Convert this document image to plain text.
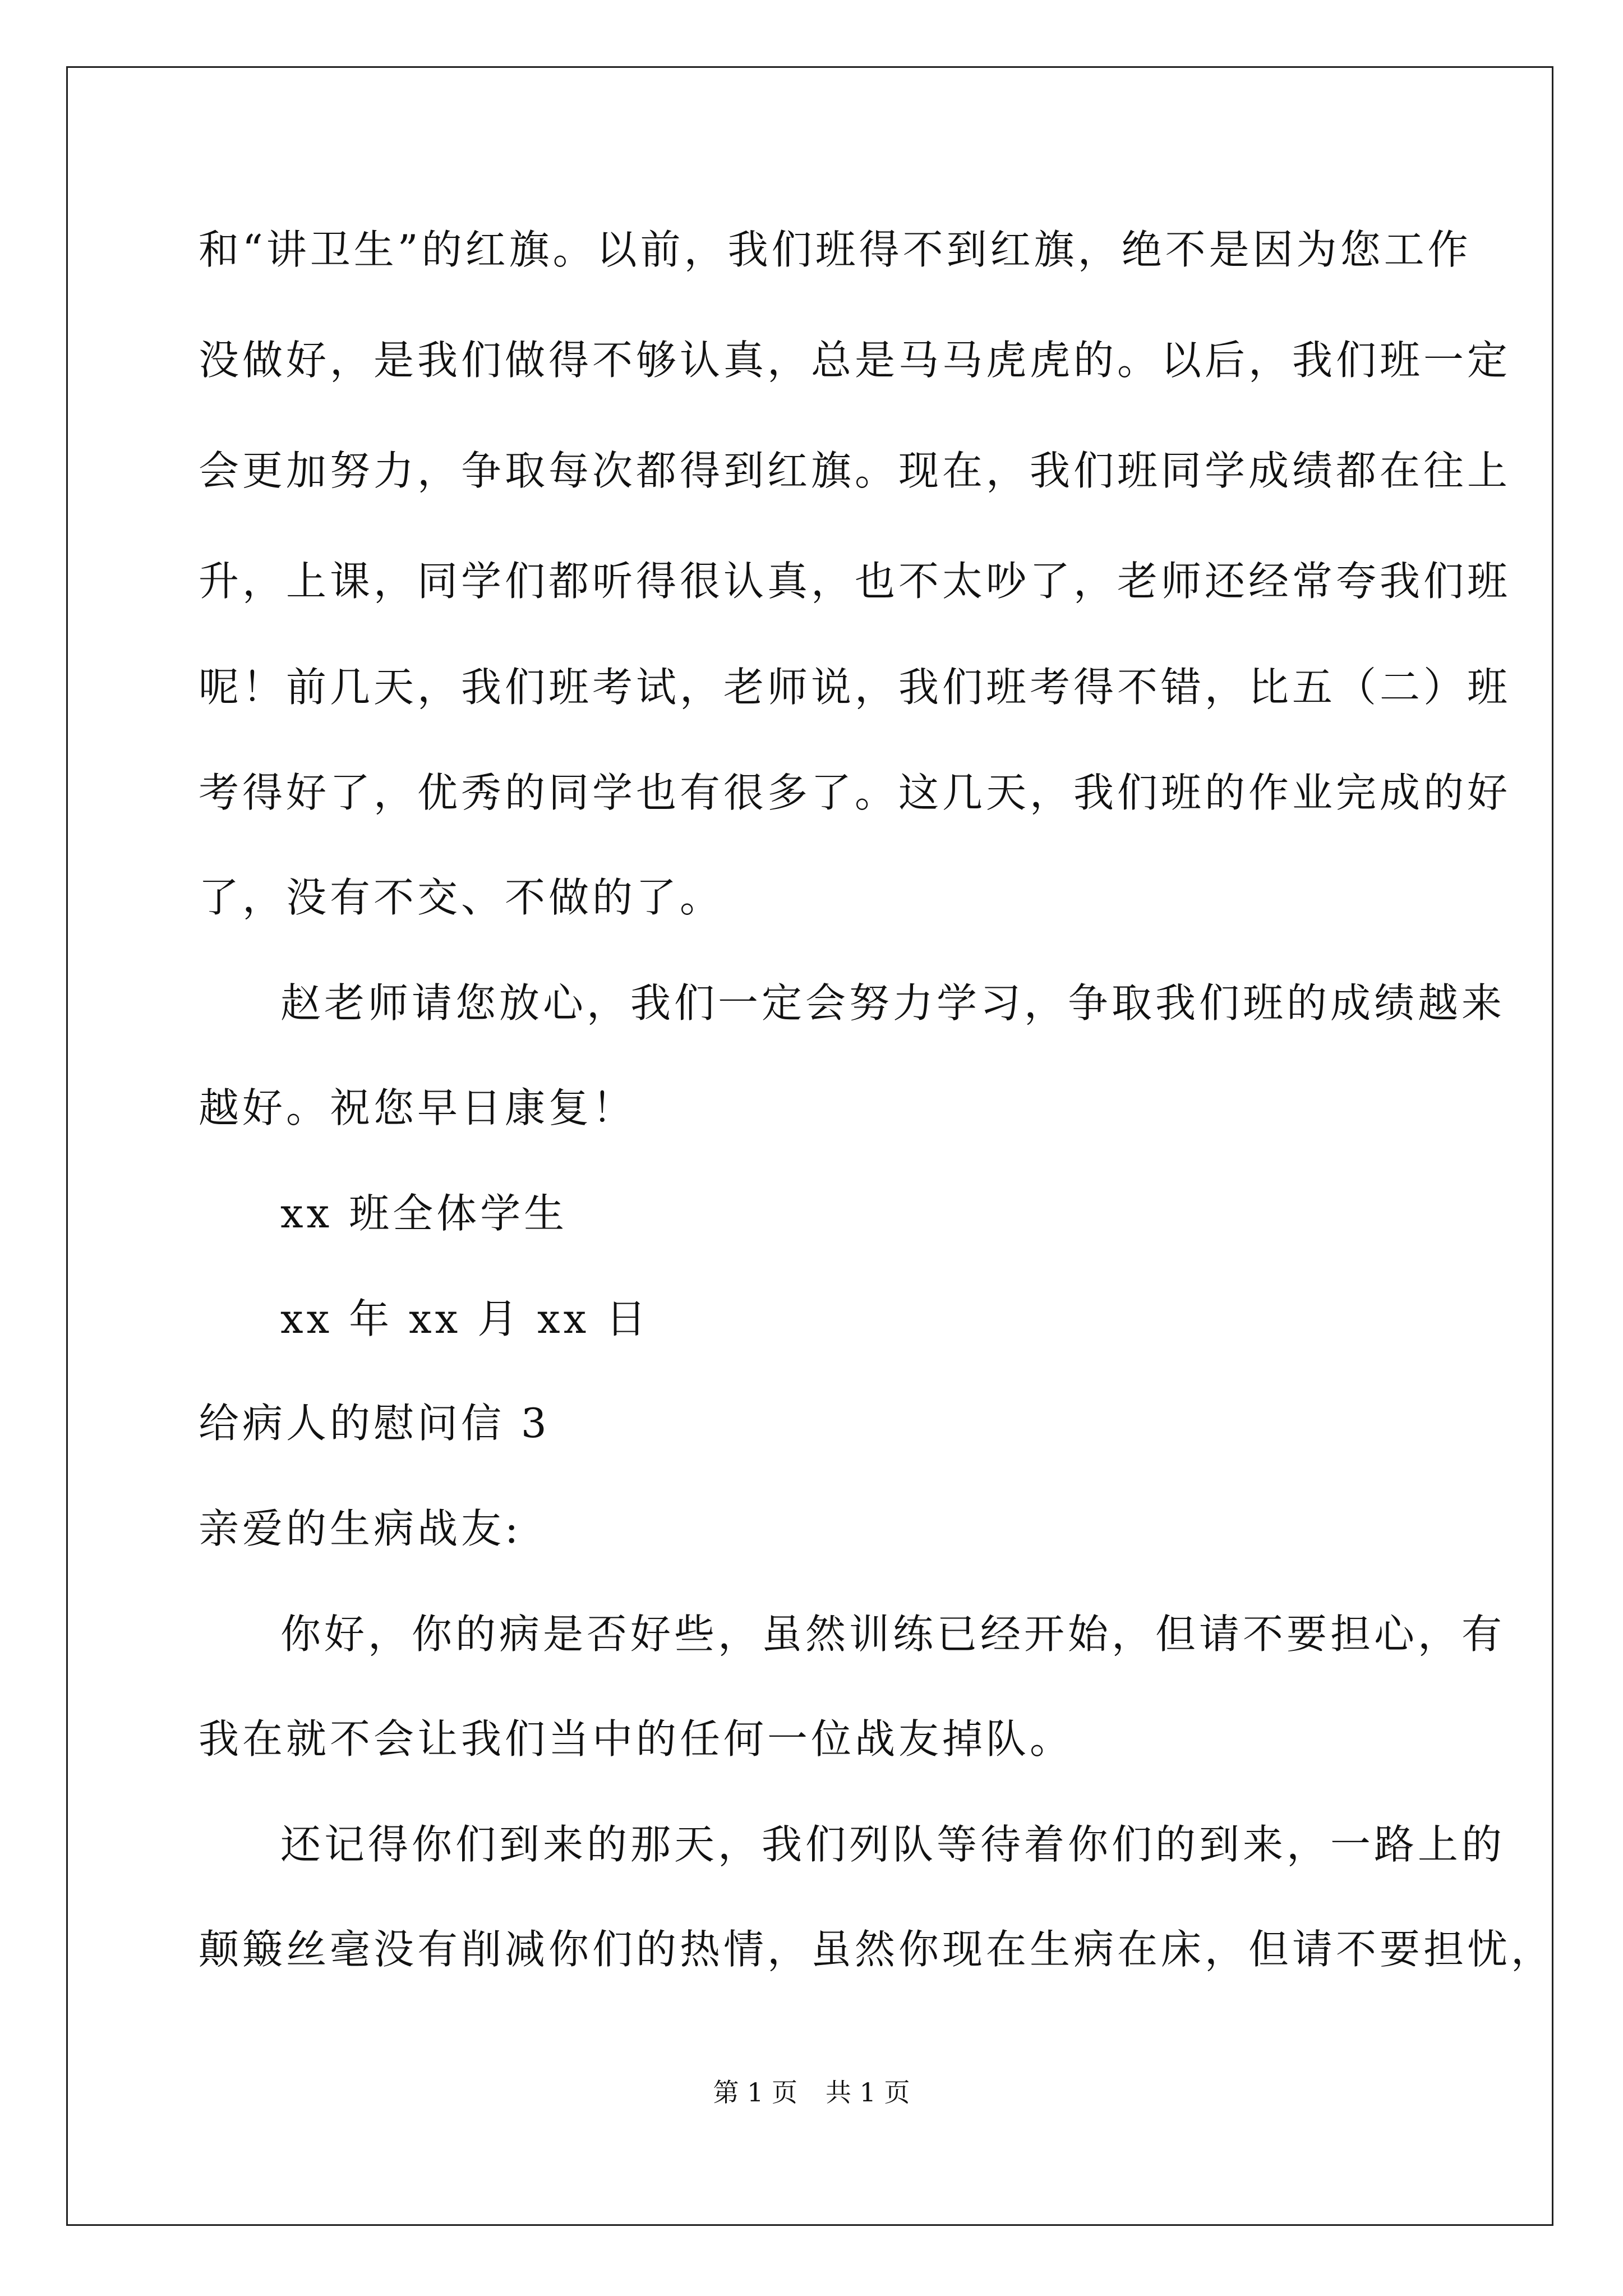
和“讲卫生”的红旗。以前，我们班得不到红旗，绝不是因为您工作
没做好，是我们做得不够认真，总是马马虎虎的。以后，我们班一定
会更加努力，争取每次都得到红旗。现在，我们班同学成绩都在往上
升，上课，同学们都听得很认真，也不太吵了，老师还经常夸我们班
呢！前几天，我们班考试，老师说，我们班考得不错，比五（二）班
考得好了，优秀的同学也有很多了。这几天，我们班的作业完成的好
了，没有不交、不做的了。
赵老师请您放心，我们一定会努力学习，争取我们班的成绩越来
越好。祝您早日康复！
xx 班全体学生
xx 年 xx 月 xx 日
给病人的慰问信 3
亲爱的生病战友:
你好，你的病是否好些，虽然训练已经开始，但请不要担心，有
我在就不会让我们当中的任何一位战友掉队。
还记得你们到来的那天，我们列队等待着你们的到来，一路上的
颠簸丝毫没有削减你们的热情，虽然你现在生病在床，但请不要担忧，
第 1 页 共 1 页
